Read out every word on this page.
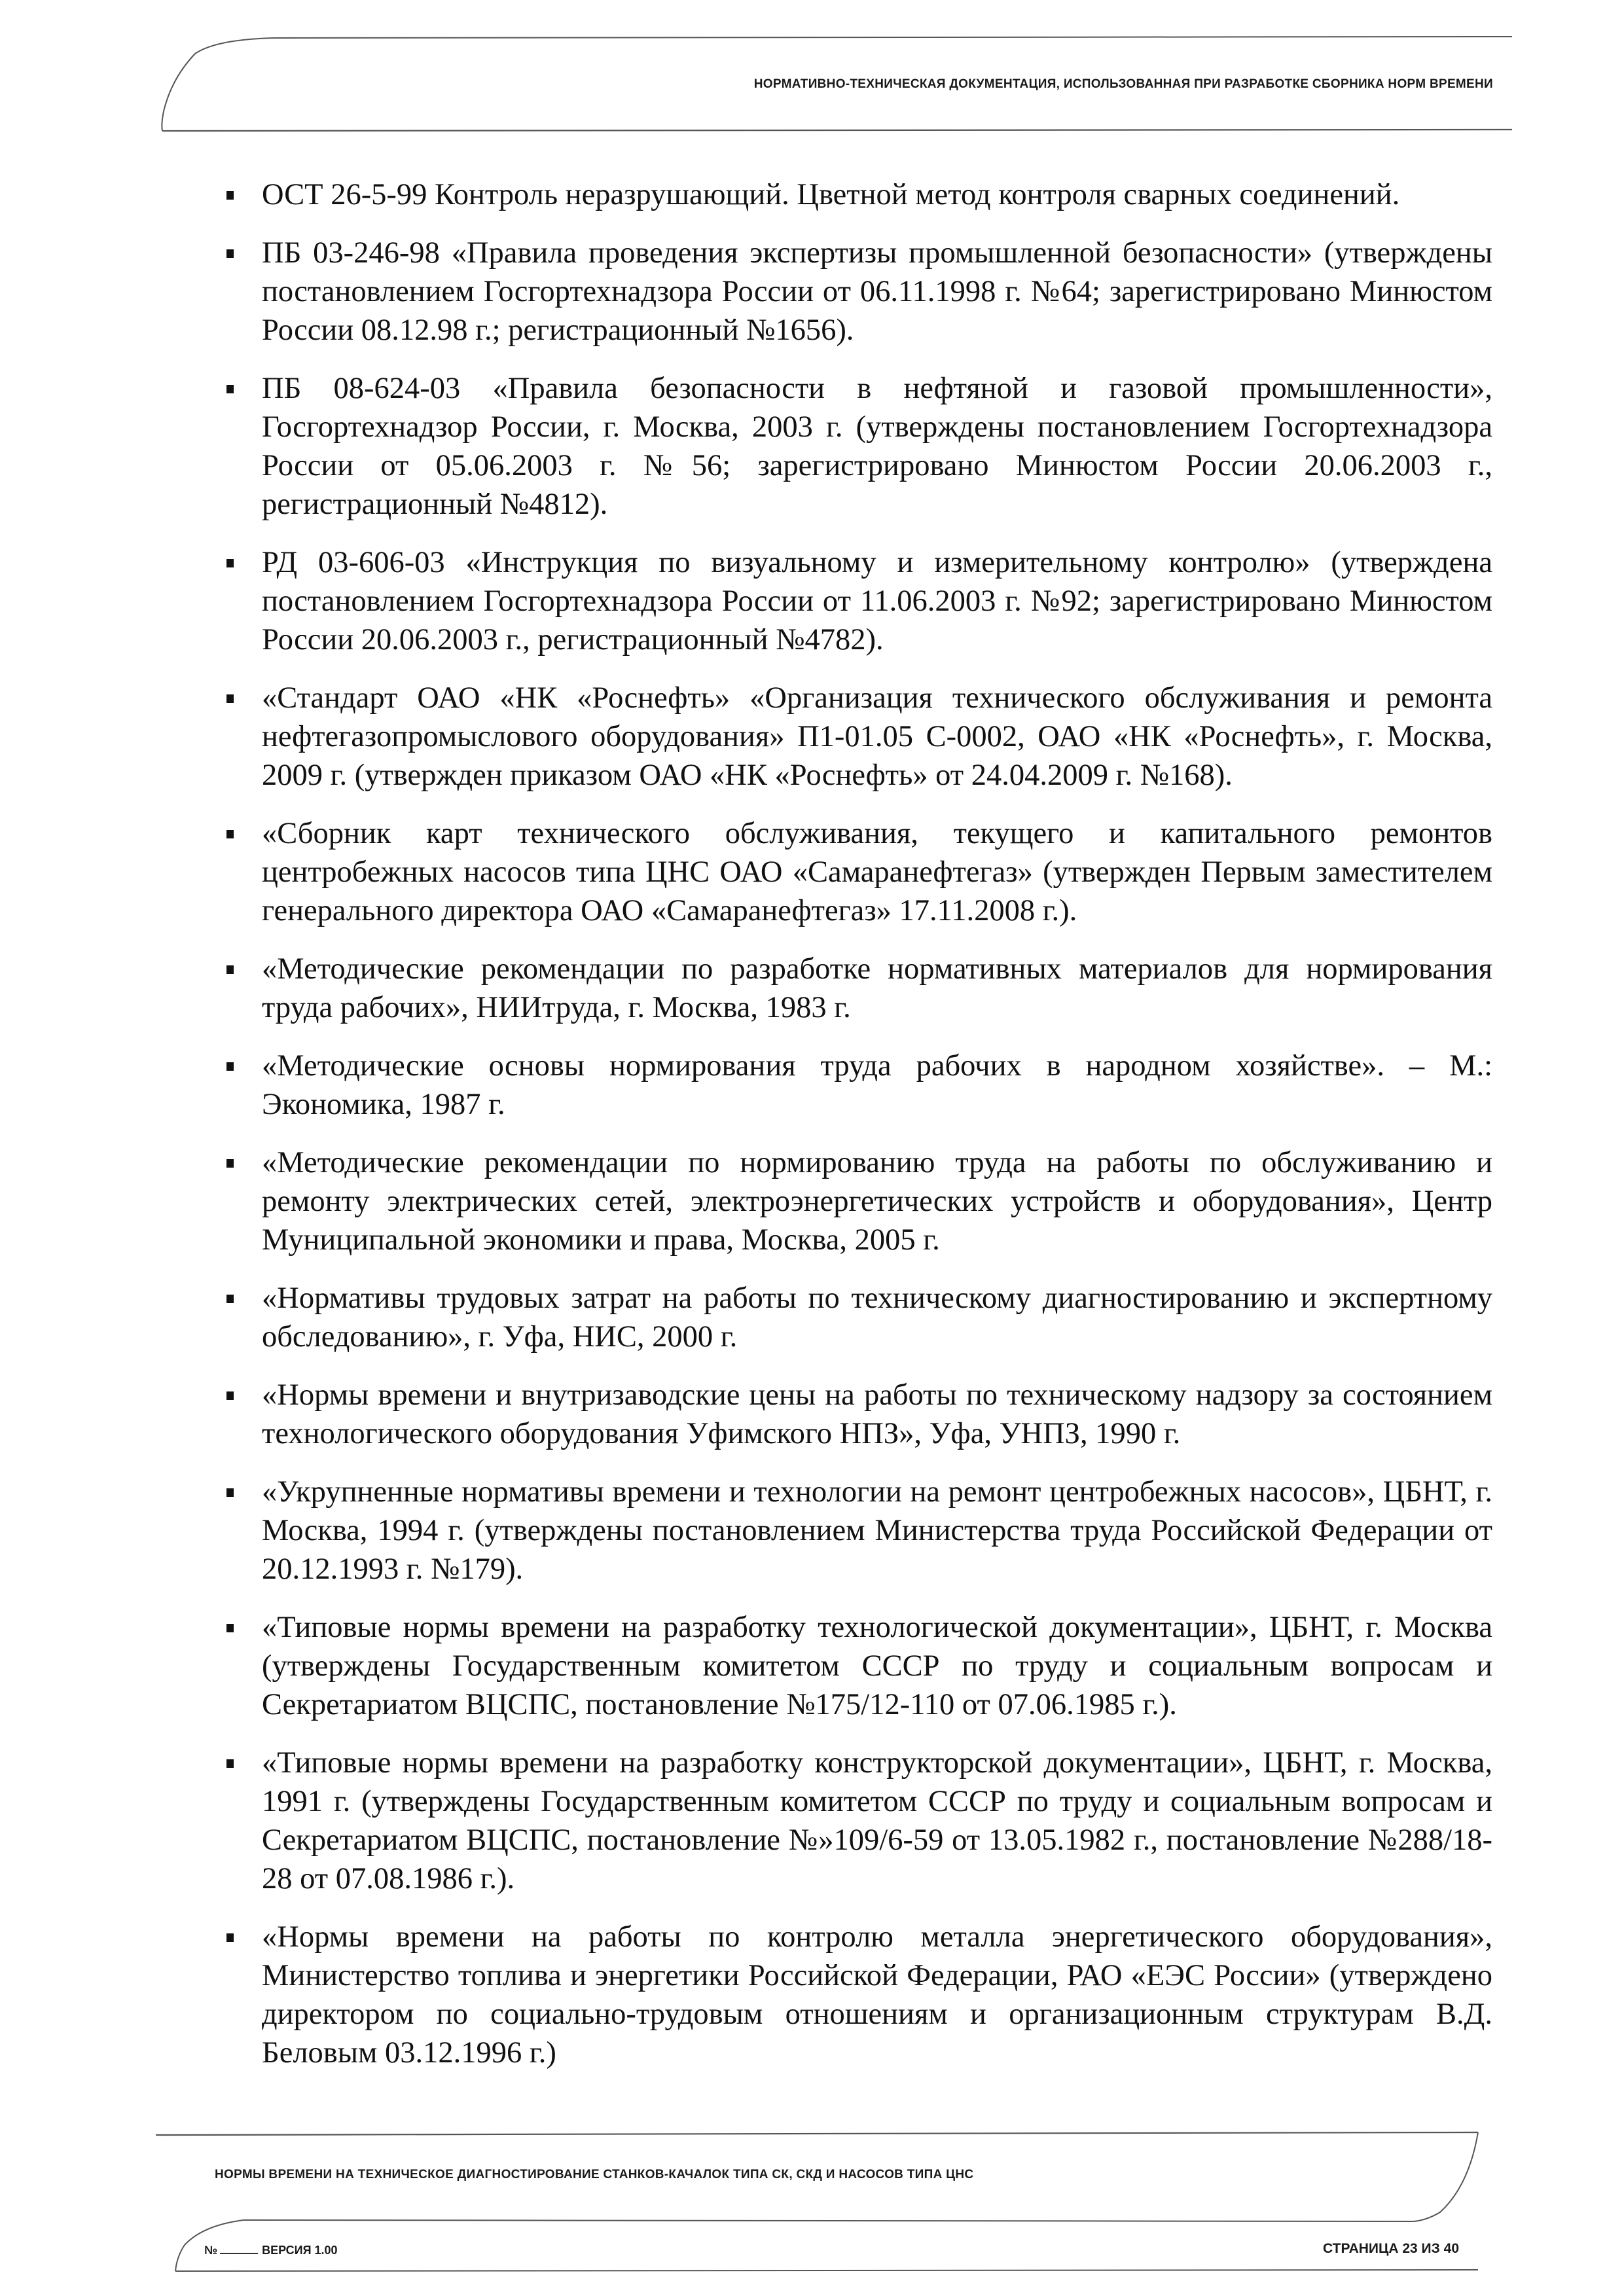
НОРМАТИВНО-ТЕХНИЧЕСКАЯ ДОКУМЕНТАЦИЯ, ИСПОЛЬЗОВАННАЯ ПРИ РАЗРАБОТКЕ СБОРНИКА НОРМ ВРЕМЕНИ
ОСТ 26-5-99 Контроль неразрушающий. Цветной метод контроля сварных соединений.
ПБ 03-246-98 «Правила проведения экспертизы промышленной безопасности» (утверждены постановлением Госгортехнадзора России от 06.11.1998 г. №64; зарегистрировано Минюстом России 08.12.98 г.; регистрационный №1656).
ПБ 08-624-03 «Правила безопасности в нефтяной и газовой промышленности», Госгортехнадзор России, г. Москва, 2003 г. (утверждены постановлением Госгортехнадзора России от 05.06.2003 г. №56; зарегистрировано Минюстом России 20.06.2003 г., регистрационный №4812).
РД 03-606-03 «Инструкция по визуальному и измерительному контролю» (утверждена постановлением Госгортехнадзора России от 11.06.2003 г. №92; зарегистрировано Минюстом России 20.06.2003 г., регистрационный №4782).
«Стандарт ОАО «НК «Роснефть» «Организация технического обслуживания и ремонта нефтегазопромыслового оборудования» П1-01.05 С-0002, ОАО «НК «Роснефть», г. Москва, 2009 г. (утвержден приказом ОАО «НК «Роснефть» от 24.04.2009 г. №168).
«Сборник карт технического обслуживания, текущего и капитального ремонтов центробежных насосов типа ЦНС ОАО «Самаранефтегаз» (утвержден Первым заместителем генерального директора ОАО «Самаранефтегаз» 17.11.2008 г.).
«Методические рекомендации по разработке нормативных материалов для нормирования труда рабочих», НИИтруда, г. Москва, 1983 г.
«Методические основы нормирования труда рабочих в народном хозяйстве». – М.: Экономика, 1987 г.
«Методические рекомендации по нормированию труда на работы по обслуживанию и ремонту электрических сетей, электроэнергетических устройств и оборудования», Центр Муниципальной экономики и права, Москва, 2005 г.
«Нормативы трудовых затрат на работы по техническому диагностированию и экспертному обследованию», г. Уфа, НИС, 2000 г.
«Нормы времени и внутризаводские цены на работы по техническому надзору за состоянием технологического оборудования Уфимского НПЗ», Уфа, УНПЗ, 1990 г.
«Укрупненные нормативы времени и технологии на ремонт центробежных насосов», ЦБНТ, г. Москва, 1994 г. (утверждены постановлением Министерства труда Российской Федерации от 20.12.1993 г. №179).
«Типовые нормы времени на разработку технологической документации», ЦБНТ, г. Москва (утверждены Государственным комитетом СССР по труду и социальным вопросам и Секретариатом ВЦСПС, постановление №175/12-110 от 07.06.1985 г.).
«Типовые нормы времени на разработку конструкторской документации», ЦБНТ, г. Москва, 1991 г. (утверждены Государственным комитетом СССР по труду и социальным вопросам и Секретариатом ВЦСПС, постановление №»109/6-59 от 13.05.1982 г., постановление №288/18-28 от 07.08.1986 г.).
«Нормы времени на работы по контролю металла энергетического оборудования», Министерство топлива и энергетики Российской Федерации, РАО «ЕЭС России» (утверждено директором по социально-трудовым отношениям и организационным структурам В.Д. Беловым 03.12.1996 г.)
НОРМЫ ВРЕМЕНИ НА ТЕХНИЧЕСКОЕ ДИАГНОСТИРОВАНИЕ СТАНКОВ-КАЧАЛОК ТИПА СК, СКД И НАСОСОВ ТИПА ЦНС
№	ВЕРСИЯ 1.00	СТРАНИЦА 23 ИЗ 40
